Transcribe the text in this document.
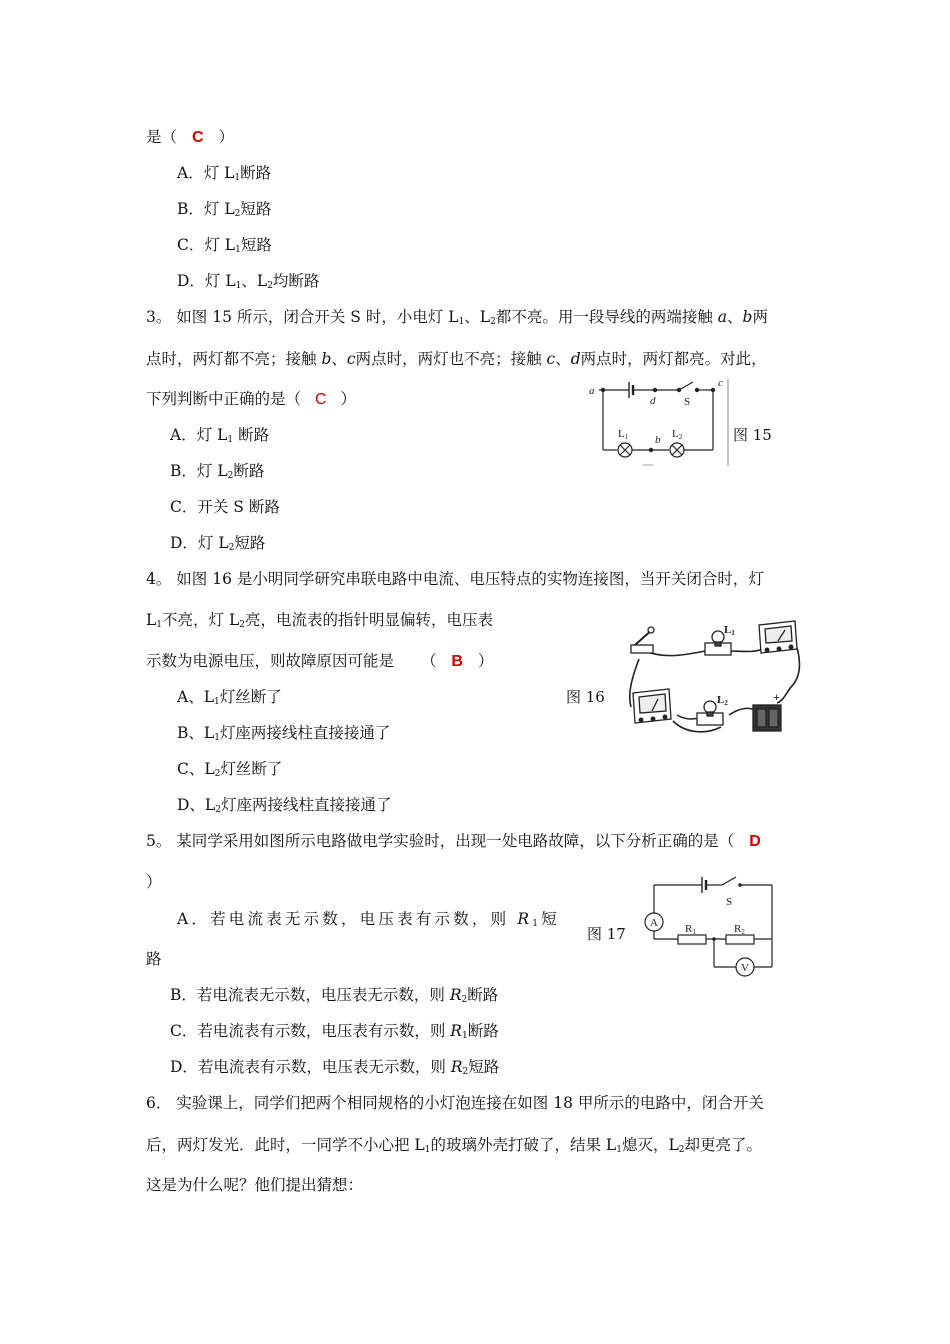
是（ C ）
A．灯 $L_1$断路
B．灯 $L_2$短路
C．灯 $L_1$短路
D．灯 $L_1$、$L_2$均断路
3。 如图 15 所示，闭合开关 S 时，小电灯 $L_1$、$L_2$都不亮。用一段导线的两端接触 a、b两
点时，两灯都不亮；接触 b、c两点时，两灯也不亮；接触 c、d两点时，两灯都亮。对此，
下列判断中正确的是（ C ）
A．灯 $L_1$ 断路
B．灯 $L_2$断路
C．开关 S 断路
D．灯 $L_2$短路
a
d	S
c
L1 b L2	图 15
4。 如图 16 是小明同学研究串联电路中电流、电压特点的实物连接图，当开关闭合时，灯
$L_1$不亮，灯 $L_2$亮，电流表的指针明显偏转，电压表
示数为电源电压，则故障原因可能是 （ B ）
A、$L_1$灯丝断了
B、$L_1$灯座两接线柱直接接通了
C、$L_2$灯丝断了
D、$L_2$灯座两接线柱直接接通了
图 16
L1
L2	+
5。 某同学采用如图所示电路做电学实验时，出现一处电路故障，以下分析正确的是（ D
）
A．若电流表无示数，电压表有示数，则 $R_1$短
路
B．若电流表无示数，电压表无示数，则 $R_2$断路
C．若电流表有示数，电压表有示数，则 $R_1$断路
D．若电流表有示数，电压表无示数，则 $R_2$短路
图 17
S
A R1	R2
V
6． 实验课上，同学们把两个相同规格的小灯泡连接在如图 18 甲所示的电路中，闭合开关
后，两灯发光．此时，一同学不小心把 $L_1$的玻璃外壳打破了，结果 $L_1$熄灭，$L_2$却更亮了。
这是为什么呢？他们提出猜想：
